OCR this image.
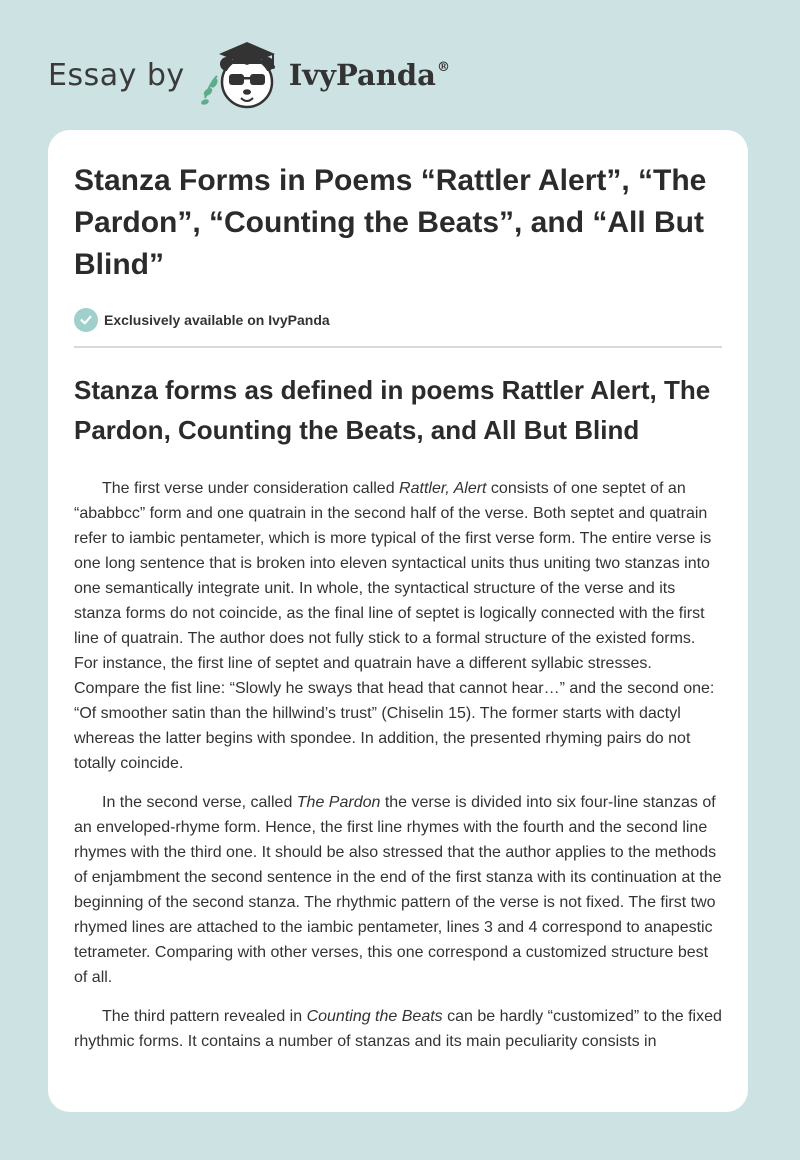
Essay by	IvyPanda®
Stanza Forms in Poems “Rattler Alert”, “The Pardon”, “Counting the Beats”, and “All But Blind”
Exclusively available on IvyPanda
Stanza forms as defined in poems Rattler Alert, The Pardon, Counting the Beats, and All But Blind

The first verse under consideration called Rattler, Alert consists of one septet of an “ababbcc” form and one quatrain in the second half of the verse. Both septet and quatrain refer to iambic pentameter, which is more typical of the first verse form. The entire verse is one long sentence that is broken into eleven syntactical units thus uniting two stanzas into one semantically integrate unit. In whole, the syntactical structure of the verse and its stanza forms do not coincide, as the final line of septet is logically connected with the first line of quatrain. The author does not fully stick to a formal structure of the existed forms. For instance, the first line of septet and quatrain have a different syllabic stresses. Compare the fist line: “Slowly he sways that head that cannot hear…” and the second one: “Of smoother satin than the hillwind’s trust” (Chiselin 15). The former starts with dactyl whereas the latter begins with spondee. In addition, the presented rhyming pairs do not totally coincide.

In the second verse, called The Pardon the verse is divided into six four-line stanzas of an enveloped-rhyme form. Hence, the first line rhymes with the fourth and the second line rhymes with the third one. It should be also stressed that the author applies to the methods of enjambment the second sentence in the end of the first stanza with its continuation at the beginning of the second stanza. The rhythmic pattern of the verse is not fixed. The first two rhymed lines are attached to the iambic pentameter, lines 3 and 4 correspond to anapestic tetrameter. Comparing with other verses, this one correspond a customized structure best of all.

The third pattern revealed in Counting the Beats can be hardly “customized” to the fixed rhythmic forms. It contains a number of stanzas and its main peculiarity consists in
